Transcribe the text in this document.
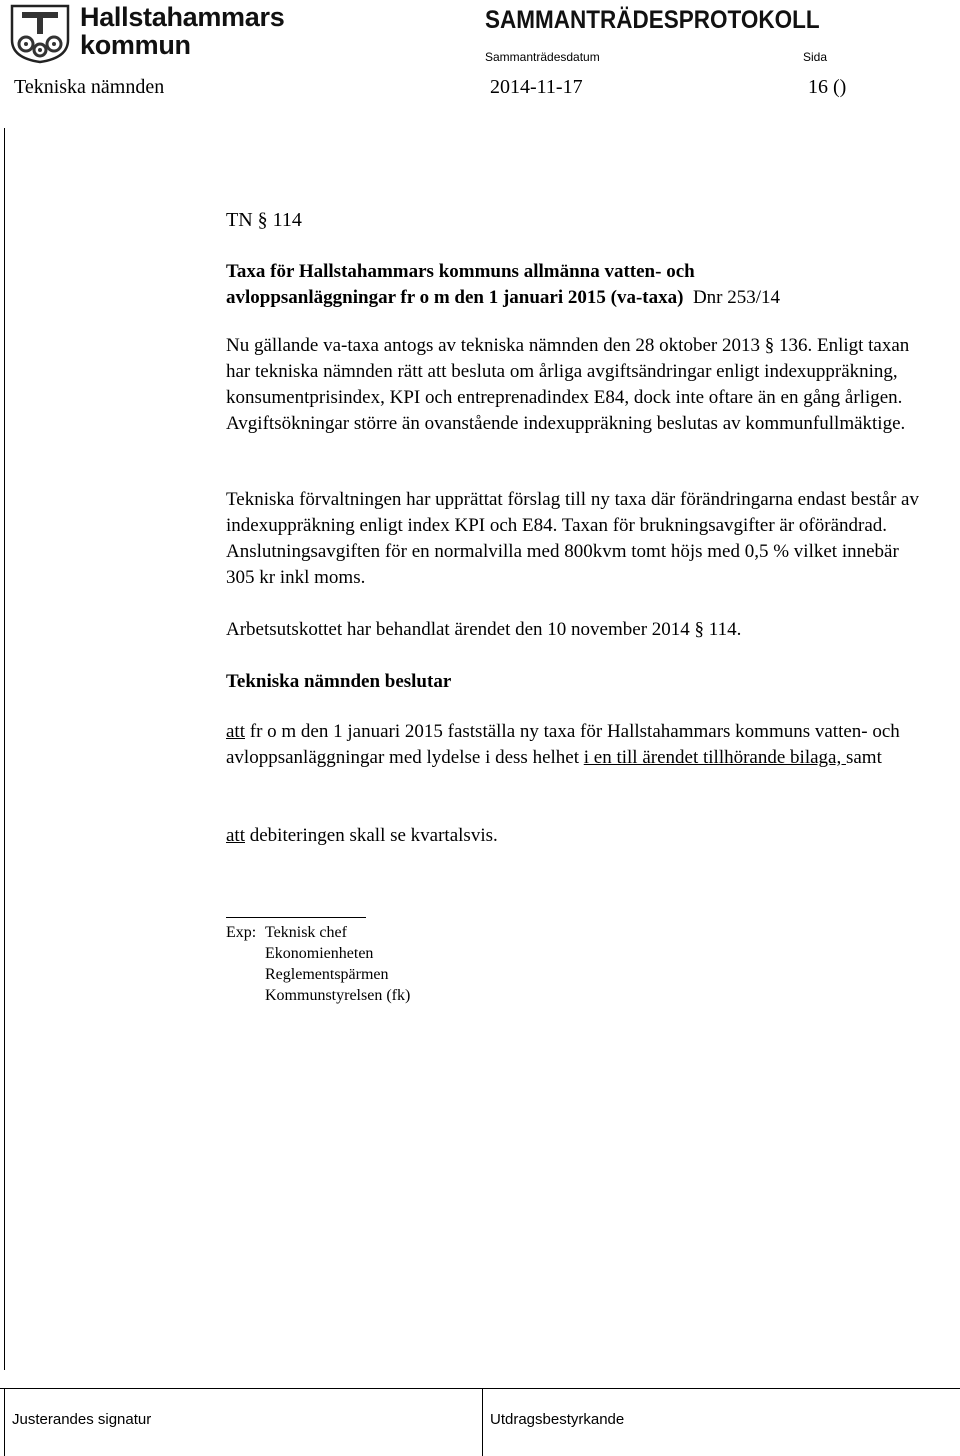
Hallstahammars
kommun
SAMMANTRÄDESPROTOKOLL
Sammanträdesdatum	Sida
Tekniska nämnden	2014-11-17	16 ()
TN § 114
Taxa för Hallstahammars kommuns allmänna vatten- och
avloppsanläggningar fr o m den 1 januari 2015 (va-taxa) Dnr 253/14
Nu gällande va-taxa antogs av tekniska nämnden den 28 oktober 2013 § 136. Enligt taxan har tekniska nämnden rätt att besluta om årliga avgiftsändringar enligt indexuppräkning, konsumentprisindex, KPI och entreprenadindex E84, dock inte oftare än en gång årligen. Avgiftsökningar större än ovanstående indexuppräkning beslutas av kommunfullmäktige.
Tekniska förvaltningen har upprättat förslag till ny taxa där förändringarna endast består av indexuppräkning enligt index KPI och E84. Taxan för brukningsavgifter är oförändrad. Anslutningsavgiften för en normalvilla med 800kvm tomt höjs med 0,5 % vilket innebär 305 kr inkl moms.
Arbetsutskottet har behandlat ärendet den 10 november 2014 § 114.
Tekniska nämnden beslutar
att fr o m den 1 januari 2015 fastställa ny taxa för Hallstahammars kommuns vatten- och avloppsanläggningar med lydelse i dess helhet i en till ärendet tillhörande bilaga, samt
att debiteringen skall se kvartalsvis.
Exp: Teknisk chef
Ekonomienheten
Reglementspärmen
Kommunstyrelsen (fk)
Justerandes signatur	Utdragsbestyrkande
